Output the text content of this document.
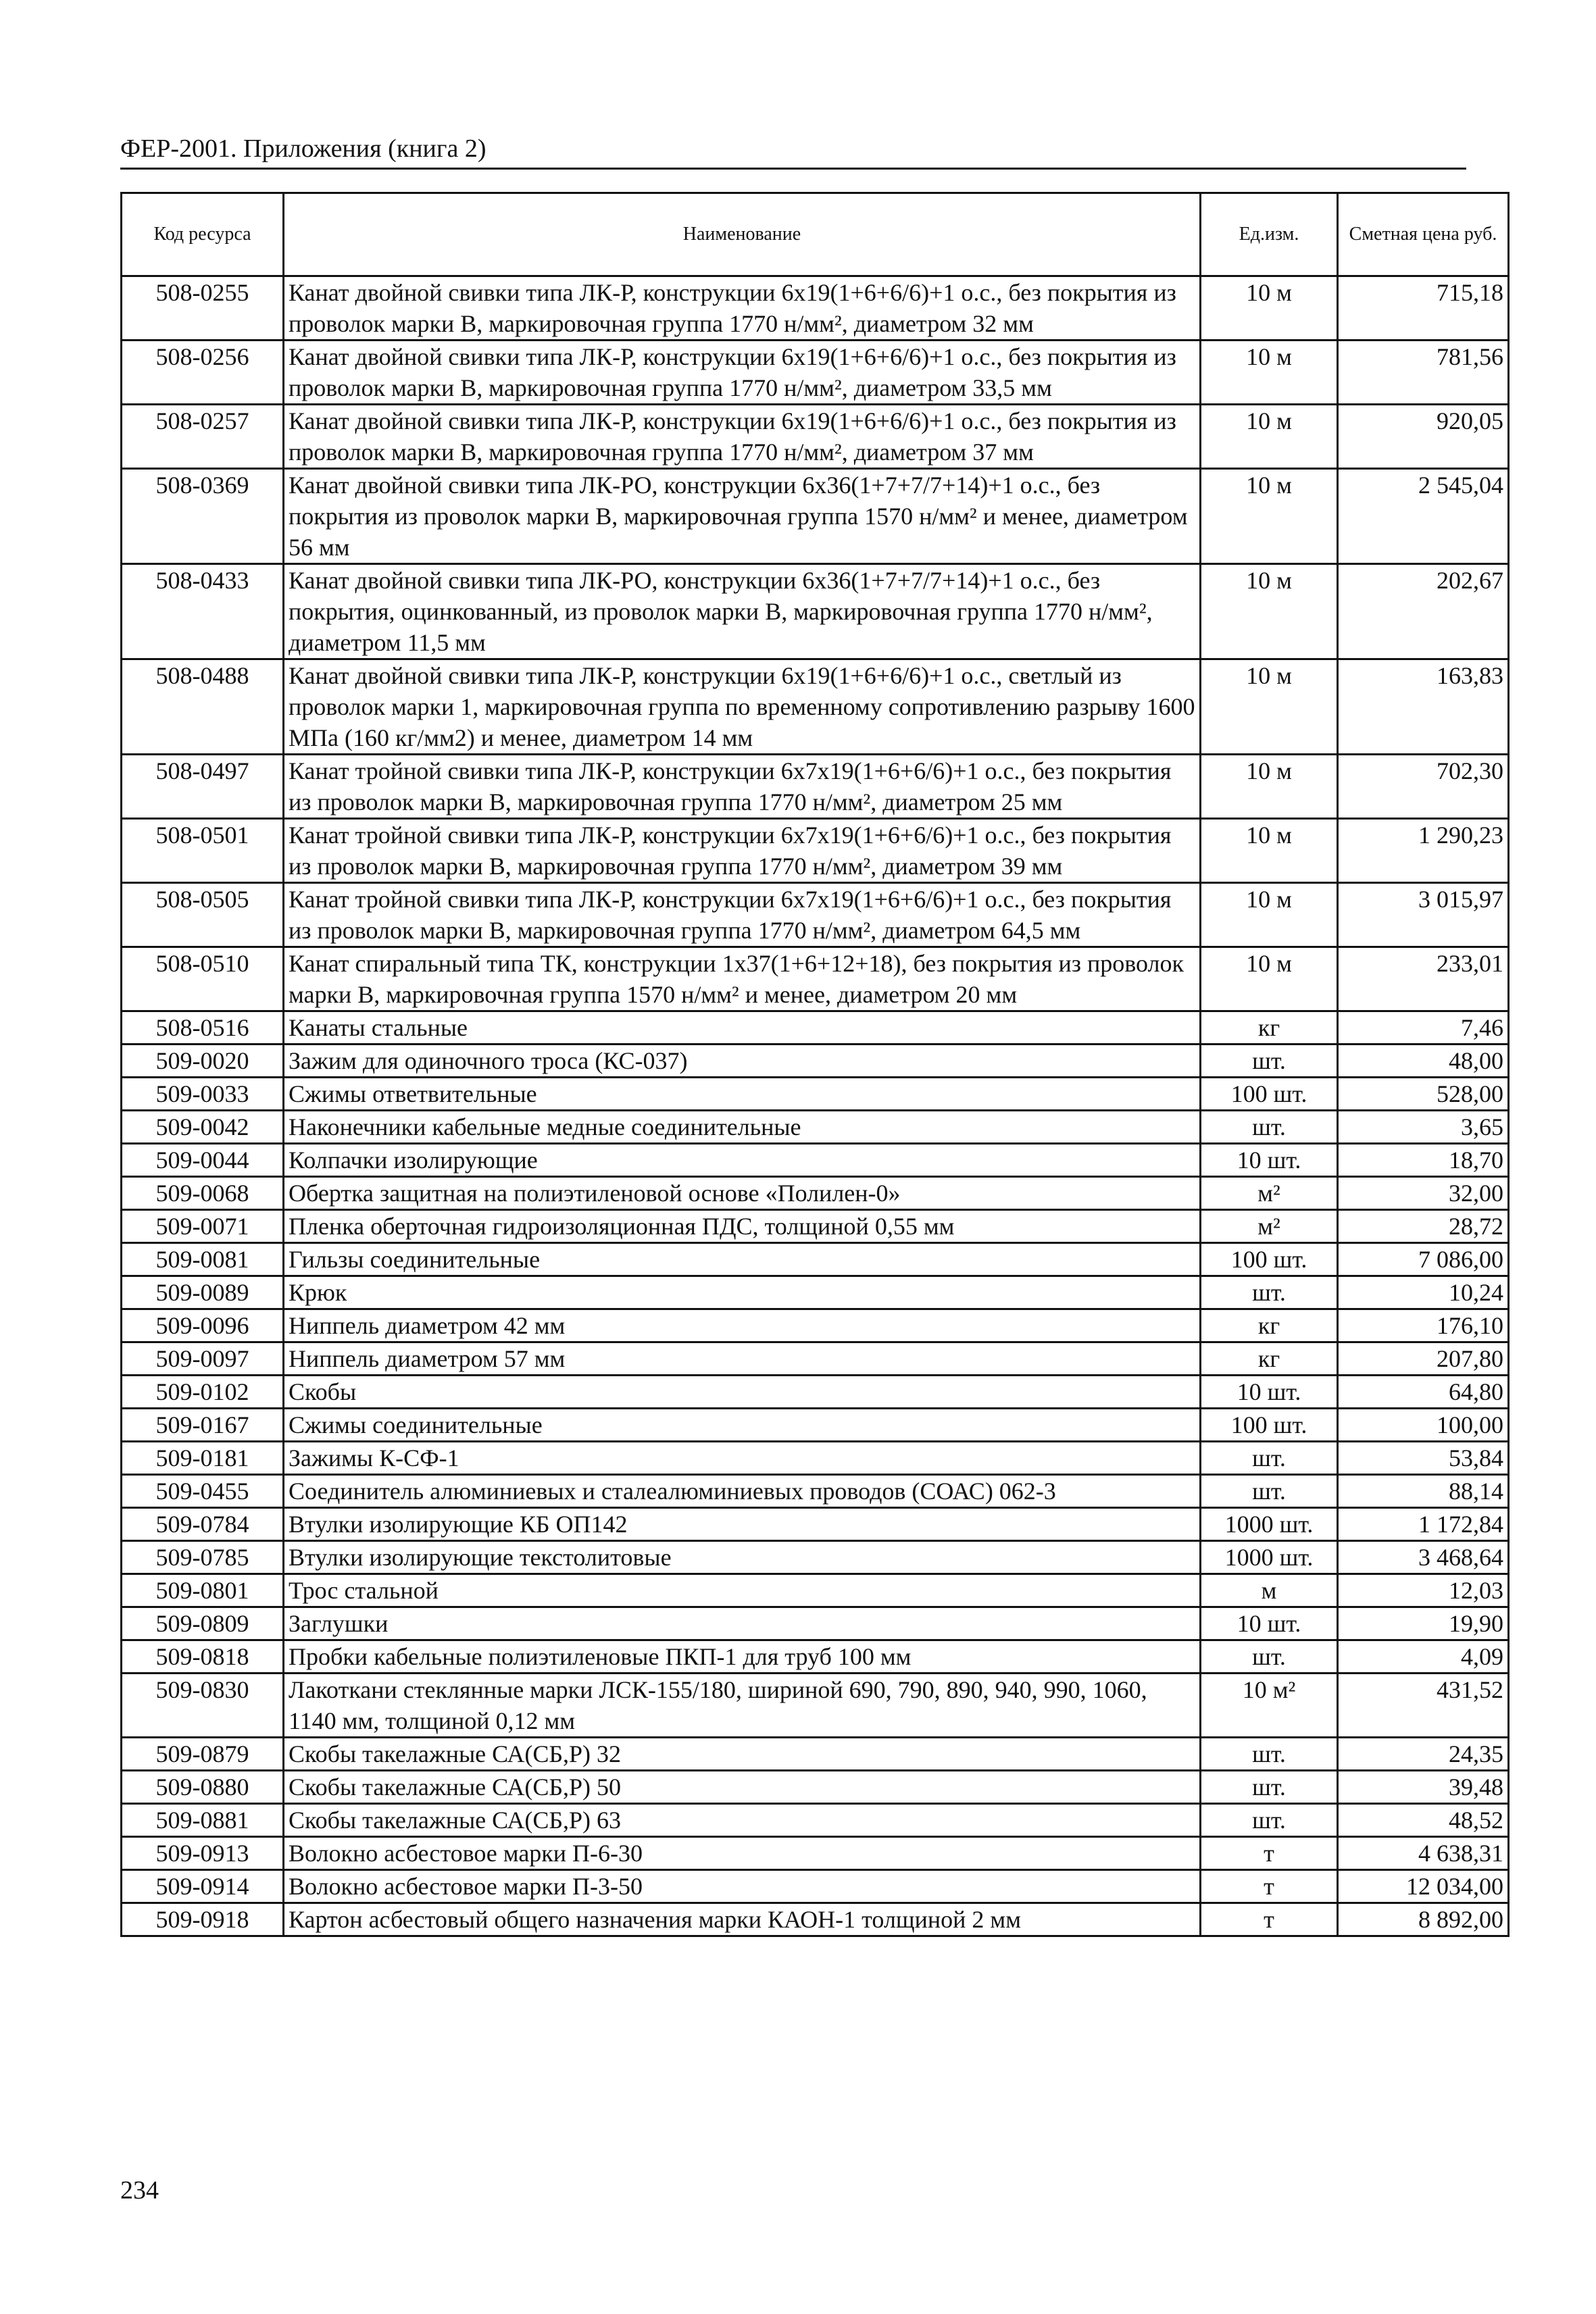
ФЕР-2001. Приложения (книга 2)
Код ресурса	Наименование	Ед.изм.	Сметная цена руб.
508-0255	Канат двойной свивки типа ЛК-Р, конструкции 6х19(1+6+6/6)+1 о.с., без покрытия из проволок марки В, маркировочная группа 1770 н/мм², диаметром 32 мм	10 м	715,18
508-0256	Канат двойной свивки типа ЛК-Р, конструкции 6х19(1+6+6/6)+1 о.с., без покрытия из проволок марки В, маркировочная группа 1770 н/мм², диаметром 33,5 мм	10 м	781,56
508-0257	Канат двойной свивки типа ЛК-Р, конструкции 6х19(1+6+6/6)+1 о.с., без покрытия из проволок марки В, маркировочная группа 1770 н/мм², диаметром 37 мм	10 м	920,05
508-0369	Канат двойной свивки типа ЛК-РО, конструкции 6х36(1+7+7/7+14)+1 о.с., без покрытия из проволок марки В, маркировочная группа 1570 н/мм² и менее, диаметром 56 мм	10 м	2 545,04
508-0433	Канат двойной свивки типа ЛК-РО, конструкции 6х36(1+7+7/7+14)+1 о.с., без покрытия, оцинкованный, из проволок марки В, маркировочная группа 1770 н/мм², диаметром 11,5 мм	10 м	202,67
508-0488	Канат двойной свивки типа ЛК-Р, конструкции 6х19(1+6+6/6)+1 о.с., светлый из проволок марки 1, маркировочная группа по временному сопротивлению разрыву 1600 МПа (160 кг/мм2) и менее, диаметром 14 мм	10 м	163,83
508-0497	Канат тройной свивки типа ЛК-Р, конструкции 6х7х19(1+6+6/6)+1 о.с., без покрытия из проволок марки В, маркировочная группа 1770 н/мм², диаметром 25 мм	10 м	702,30
508-0501	Канат тройной свивки типа ЛК-Р, конструкции 6х7х19(1+6+6/6)+1 о.с., без покрытия из проволок марки В, маркировочная группа 1770 н/мм², диаметром 39 мм	10 м	1 290,23
508-0505	Канат тройной свивки типа ЛК-Р, конструкции 6х7х19(1+6+6/6)+1 о.с., без покрытия из проволок марки В, маркировочная группа 1770 н/мм², диаметром 64,5 мм	10 м	3 015,97
508-0510	Канат спиральный типа ТК, конструкции 1х37(1+6+12+18), без покрытия из проволок марки В, маркировочная группа 1570 н/мм² и менее, диаметром 20 мм	10 м	233,01
508-0516	Канаты стальные	кг	7,46
509-0020	Зажим для одиночного троса (КС-037)	шт.	48,00
509-0033	Сжимы ответвительные	100 шт.	528,00
509-0042	Наконечники кабельные медные соединительные	шт.	3,65
509-0044	Колпачки изолирующие	10 шт.	18,70
509-0068	Обертка защитная на полиэтиленовой основе «Полилен-0»	м²	32,00
509-0071	Пленка оберточная гидроизоляционная ПДС, толщиной 0,55 мм	м²	28,72
509-0081	Гильзы соединительные	100 шт.	7 086,00
509-0089	Крюк	шт.	10,24
509-0096	Ниппель диаметром 42 мм	кг	176,10
509-0097	Ниппель диаметром 57 мм	кг	207,80
509-0102	Скобы	10 шт.	64,80
509-0167	Сжимы соединительные	100 шт.	100,00
509-0181	Зажимы К-СФ-1	шт.	53,84
509-0455	Соединитель алюминиевых и сталеалюминиевых проводов (СОАС) 062-3	шт.	88,14
509-0784	Втулки изолирующие КБ ОП142	1000 шт.	1 172,84
509-0785	Втулки изолирующие текстолитовые	1000 шт.	3 468,64
509-0801	Трос стальной	м	12,03
509-0809	Заглушки	10 шт.	19,90
509-0818	Пробки кабельные полиэтиленовые ПКП-1 для труб 100 мм	шт.	4,09
509-0830	Лакоткани стеклянные марки ЛСК-155/180, шириной 690, 790, 890, 940, 990, 1060, 1140 мм, толщиной 0,12 мм	10 м²	431,52
509-0879	Скобы такелажные СА(СБ,Р) 32	шт.	24,35
509-0880	Скобы такелажные СА(СБ,Р) 50	шт.	39,48
509-0881	Скобы такелажные СА(СБ,Р) 63	шт.	48,52
509-0913	Волокно асбестовое марки П-6-30	т	4 638,31
509-0914	Волокно асбестовое марки П-3-50	т	12 034,00
509-0918	Картон асбестовый общего назначения марки КАОН-1 толщиной 2 мм	т	8 892,00
234
